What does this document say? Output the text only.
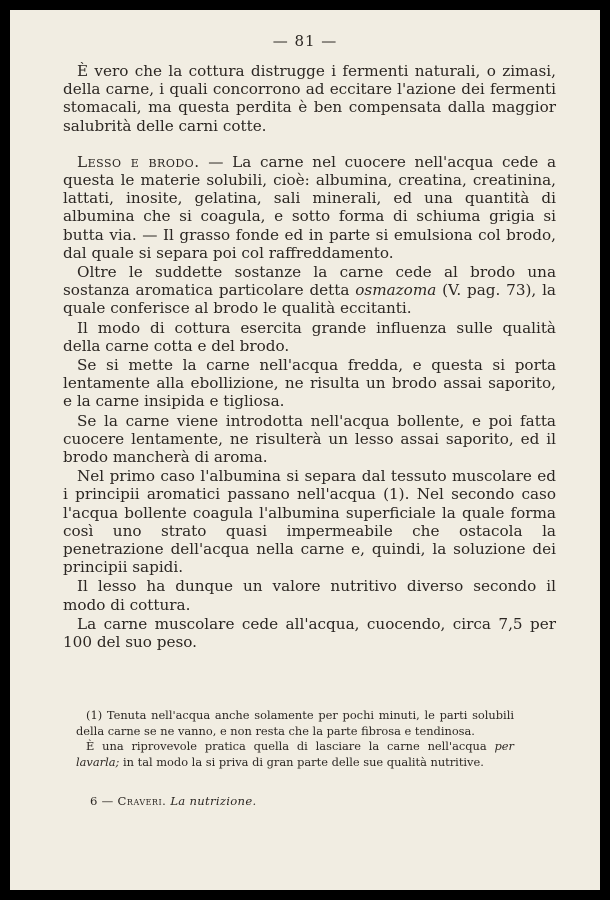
— 81 —

È vero che la cottura distrugge i fermenti naturali, o zimasi, della carne, i quali concorrono ad eccitare l'azione dei fermenti stomacali, ma questa perdita è ben compensata dalla maggior salubrità delle carni cotte.

Lesso e brodo. — La carne nel cuocere nell'acqua cede a questa le materie solubili, cioè: albumina, creatina, creatinina, lattati, inosite, gelatina, sali minerali, ed una quantità di albumina che si coagula, e sotto forma di schiuma grigia si butta via. — Il grasso fonde ed in parte si emulsiona col brodo, dal quale si separa poi col raffreddamento.

Oltre le suddette sostanze la carne cede al brodo una sostanza aromatica particolare detta osmazoma (V. pag. 73), la quale conferisce al brodo le qualità eccitanti.

Il modo di cottura esercita grande influenza sulle qualità della carne cotta e del brodo.

Se si mette la carne nell'acqua fredda, e questa si porta lentamente alla ebollizione, ne risulta un brodo assai saporito, e la carne insipida e tigliosa.

Se la carne viene introdotta nell'acqua bollente, e poi fatta cuocere lentamente, ne risulterà un lesso assai saporito, ed il brodo mancherà di aroma.

Nel primo caso l'albumina si separa dal tessuto muscolare ed i principii aromatici passano nell'acqua (1). Nel secondo caso l'acqua bollente coagula l'albumina superficiale la quale forma così uno strato quasi impermeabile che ostacola la penetrazione dell'acqua nella carne e, quindi, la soluzione dei principii sapidi.

Il lesso ha dunque un valore nutritivo diverso secondo il modo di cottura.

La carne muscolare cede all'acqua, cuocendo, circa 7,5 per 100 del suo peso.

(1) Tenuta nell'acqua anche solamente per pochi minuti, le parti solubili della carne se ne vanno, e non resta che la parte fibrosa e tendinosa.

È una riprovevole pratica quella di lasciare la carne nell'acqua per lavarla; in tal modo la si priva di gran parte delle sue qualità nutritive.

6 — Craveri. La nutrizione.
